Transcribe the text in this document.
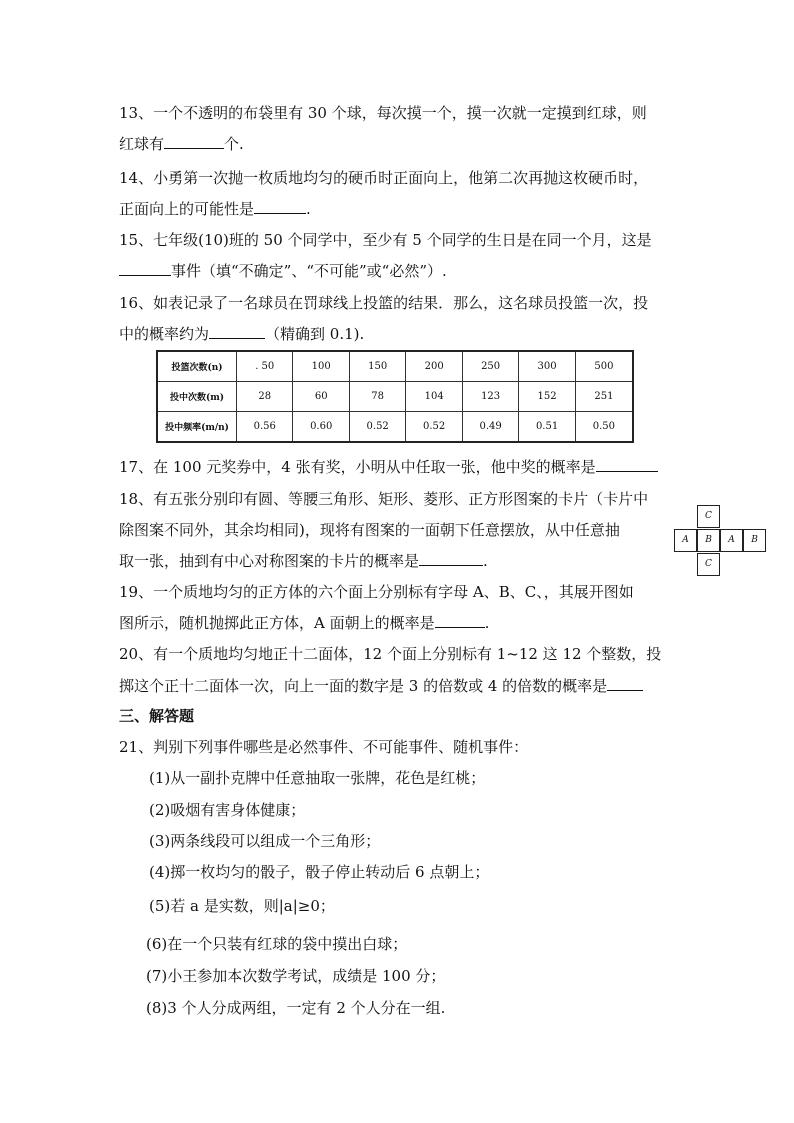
13、一个不透明的布袋里有 30 个球，每次摸一个，摸一次就一定摸到红球，则
红球有	个.
14、小勇第一次抛一枚质地均匀的硬币时正面向上，他第二次再抛这枚硬币时，
正面向上的可能性是	.
15、七年级(10)班的 50 个同学中，至少有 5 个同学的生日是在同一个月，这是
事件（填“不确定”、“不可能”或“必然”）.
16、如表记录了一名球员在罚球线上投篮的结果．那么，这名球员投篮一次，投
中的概率约为	（精确到 0.1).
投篮次数(n)	. 50	100	150	200	250	300	500
投中次数(m)	28	60	78	104	123	152	251
投中频率(m/n)	0.56	0.60	0.52	0.52	0.49	0.51	0.50
17、在 100 元奖券中，4 张有奖，小明从中任取一张，他中奖的概率是
18、有五张分别印有圆、等腰三角形、矩形、菱形、正方形图案的卡片（卡片中
除图案不同外，其余均相同)，现将有图案的一面朝下任意摆放，从中任意抽
取一张，抽到有中心对称图案的卡片的概率是	.
C
A	B	A	B
C
19、一个质地均匀的正方体的六个面上分别标有字母 A、B、C、，其展开图如
图所示，随机抛掷此正方体，A 面朝上的概率是	.
20、有一个质地均匀地正十二面体，12 个面上分别标有 1~12 这 12 个整数，投
掷这个正十二面体一次，向上一面的数字是 3 的倍数或 4 的倍数的概率是
三、解答题
21、判别下列事件哪些是必然事件、不可能事件、随机事件：
(1)从一副扑克牌中任意抽取一张牌，花色是红桃；
(2)吸烟有害身体健康；
(3)两条线段可以组成一个三角形；
(4)掷一枚均匀的骰子，骰子停止转动后 6 点朝上；
(5)若 a 是实数，则|a|≥0；
(6)在一个只装有红球的袋中摸出白球；
(7)小王参加本次数学考试，成绩是 100 分；
(8)3 个人分成两组，一定有 2 个人分在一组.
